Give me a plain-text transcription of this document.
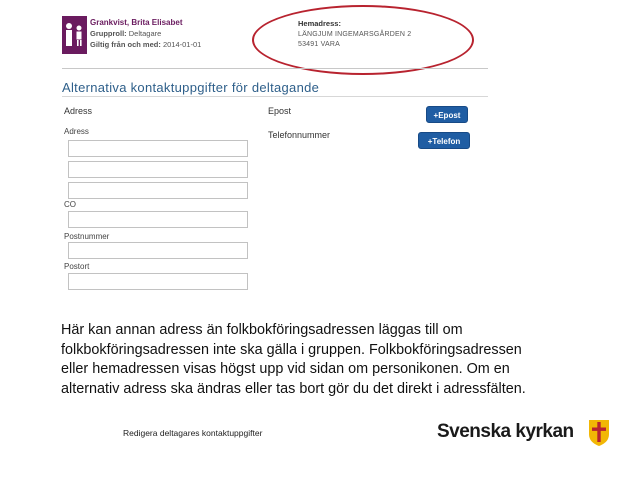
Grankvist, Brita Elisabet
Grupproll: Deltagare
Giltig från och med: 2014-01-01
Hemadress:
LÄNGJUM INGEMARSGÅRDEN 2
53491 VARA
Alternativa kontaktuppgifter för deltagande
Adress	Epost
Telefonnummer
+Epost
+Telefon
Adress
CO
Postnummer
Postort

Här kan annan adress än folkbokföringsadressen läggas till om

folkbokföringsadressen inte ska gälla i gruppen. Folkbokföringsadressen

eller hemadressen visas högst upp vid sidan om personikonen. Om en

alternativ adress ska ändras eller tas bort gör du det direkt i adressfälten.

Redigera deltagares kontaktuppgifter	Svenska kyrkan
